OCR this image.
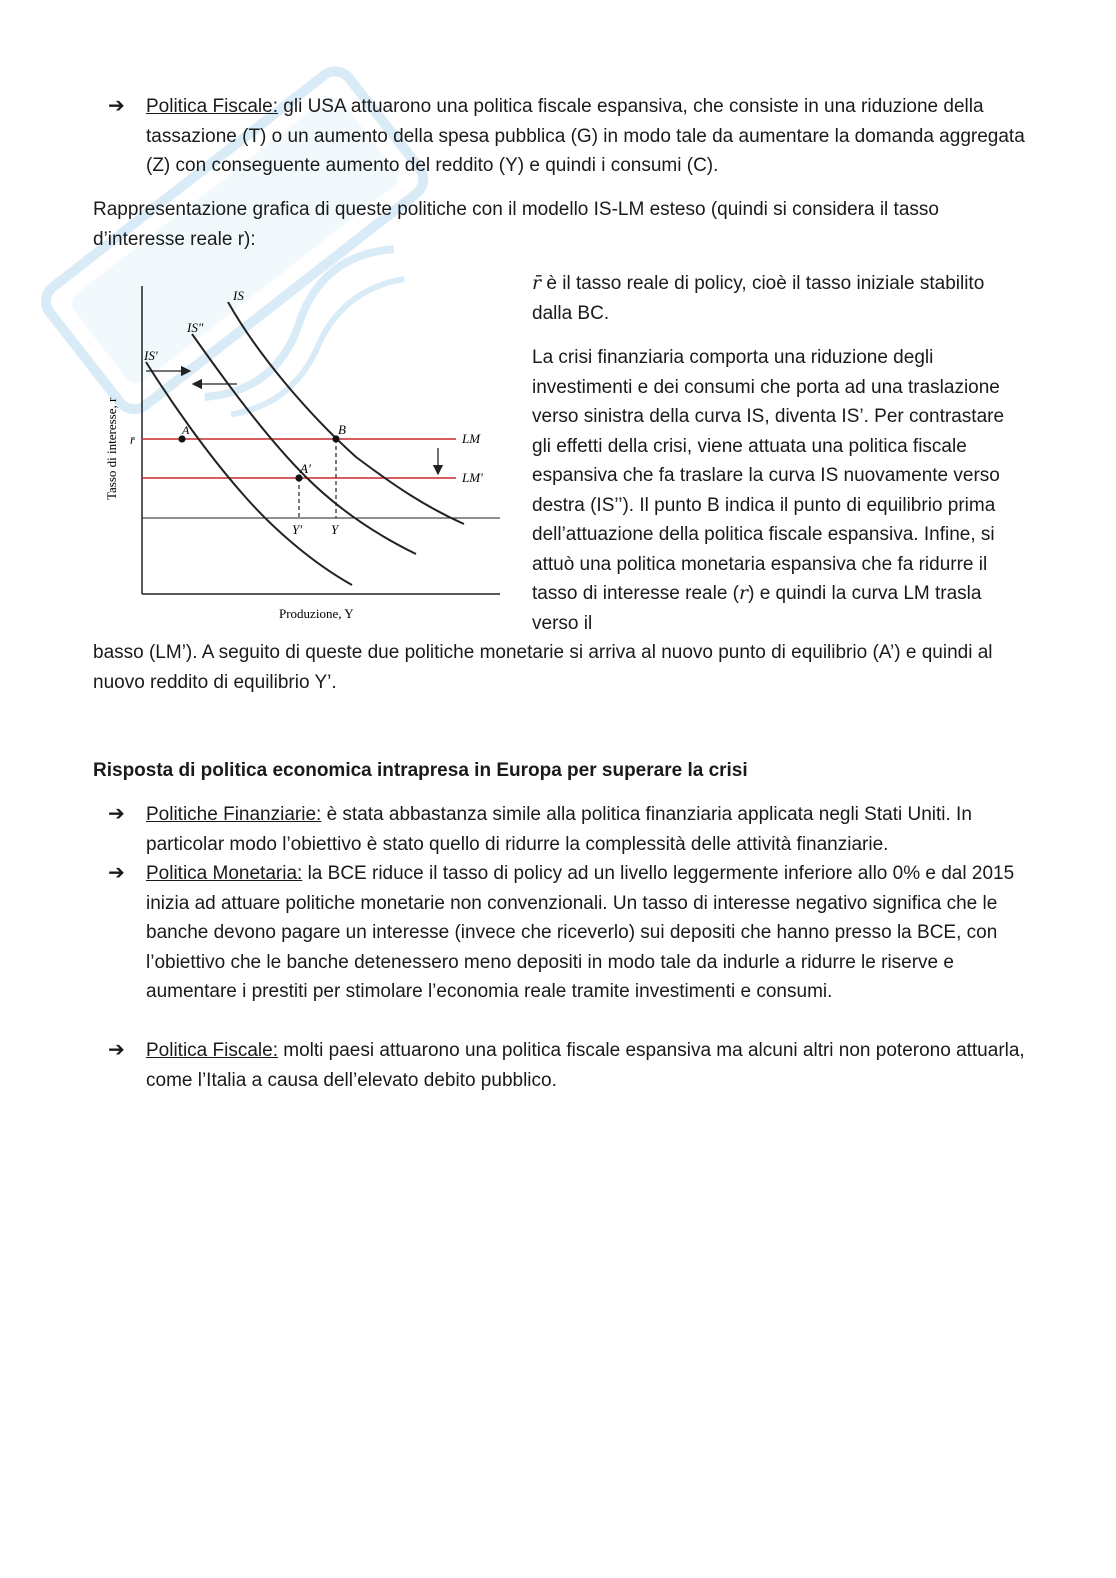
➔	Politica Fiscale: gli USA attuarono una politica fiscale espansiva, che consiste in una riduzione della tassazione (T) o un aumento della spesa pubblica (G) in modo tale da aumentare la domanda aggregata (Z) con conseguente aumento del reddito (Y) e quindi i consumi (C).
Rappresentazione grafica di queste politiche con il modello IS-LM esteso (quindi si considera il tasso d’interesse reale r):
IS
IS"
IS'
LM
LM'
A	B
A'
Y' Y
r̄
Tasso di interesse, r
Produzione, Y
r̄ è il tasso reale di policy, cioè il tasso iniziale stabilito dalla BC.
La crisi finanziaria comporta una riduzione degli investimenti e dei consumi che porta ad una traslazione verso sinistra della curva IS, diventa IS’. Per contrastare gli effetti della crisi, viene attuata una politica fiscale espansiva che fa traslare la curva IS nuovamente verso destra (IS’’). Il punto B indica il punto di equilibrio prima dell’attuazione della politica fiscale espansiva. Infine, si attuò una politica monetaria espansiva che fa ridurre il tasso di interesse reale (r) e quindi la curva LM trasla verso il
basso (LM’). A seguito di queste due politiche monetarie si arriva al nuovo punto di equilibrio (A’) e quindi al nuovo reddito di equilibrio Y’.
Risposta di politica economica intrapresa in Europa per superare la crisi
➔	Politiche Finanziarie: è stata abbastanza simile alla politica finanziaria applicata negli Stati Uniti. In particolar modo l’obiettivo è stato quello di ridurre la complessità delle attività finanziarie.
➔	Politica Monetaria: la BCE riduce il tasso di policy ad un livello leggermente inferiore allo 0% e dal 2015 inizia ad attuare politiche monetarie non convenzionali. Un tasso di interesse negativo significa che le banche devono pagare un interesse (invece che riceverlo) sui depositi che hanno presso la BCE, con l’obiettivo che le banche detenessero meno depositi in modo tale da indurle a ridurre le riserve e aumentare i prestiti per stimolare l’economia reale tramite investimenti e consumi.
➔	Politica Fiscale: molti paesi attuarono una politica fiscale espansiva ma alcuni altri non poterono attuarla, come l’Italia a causa dell’elevato debito pubblico.
